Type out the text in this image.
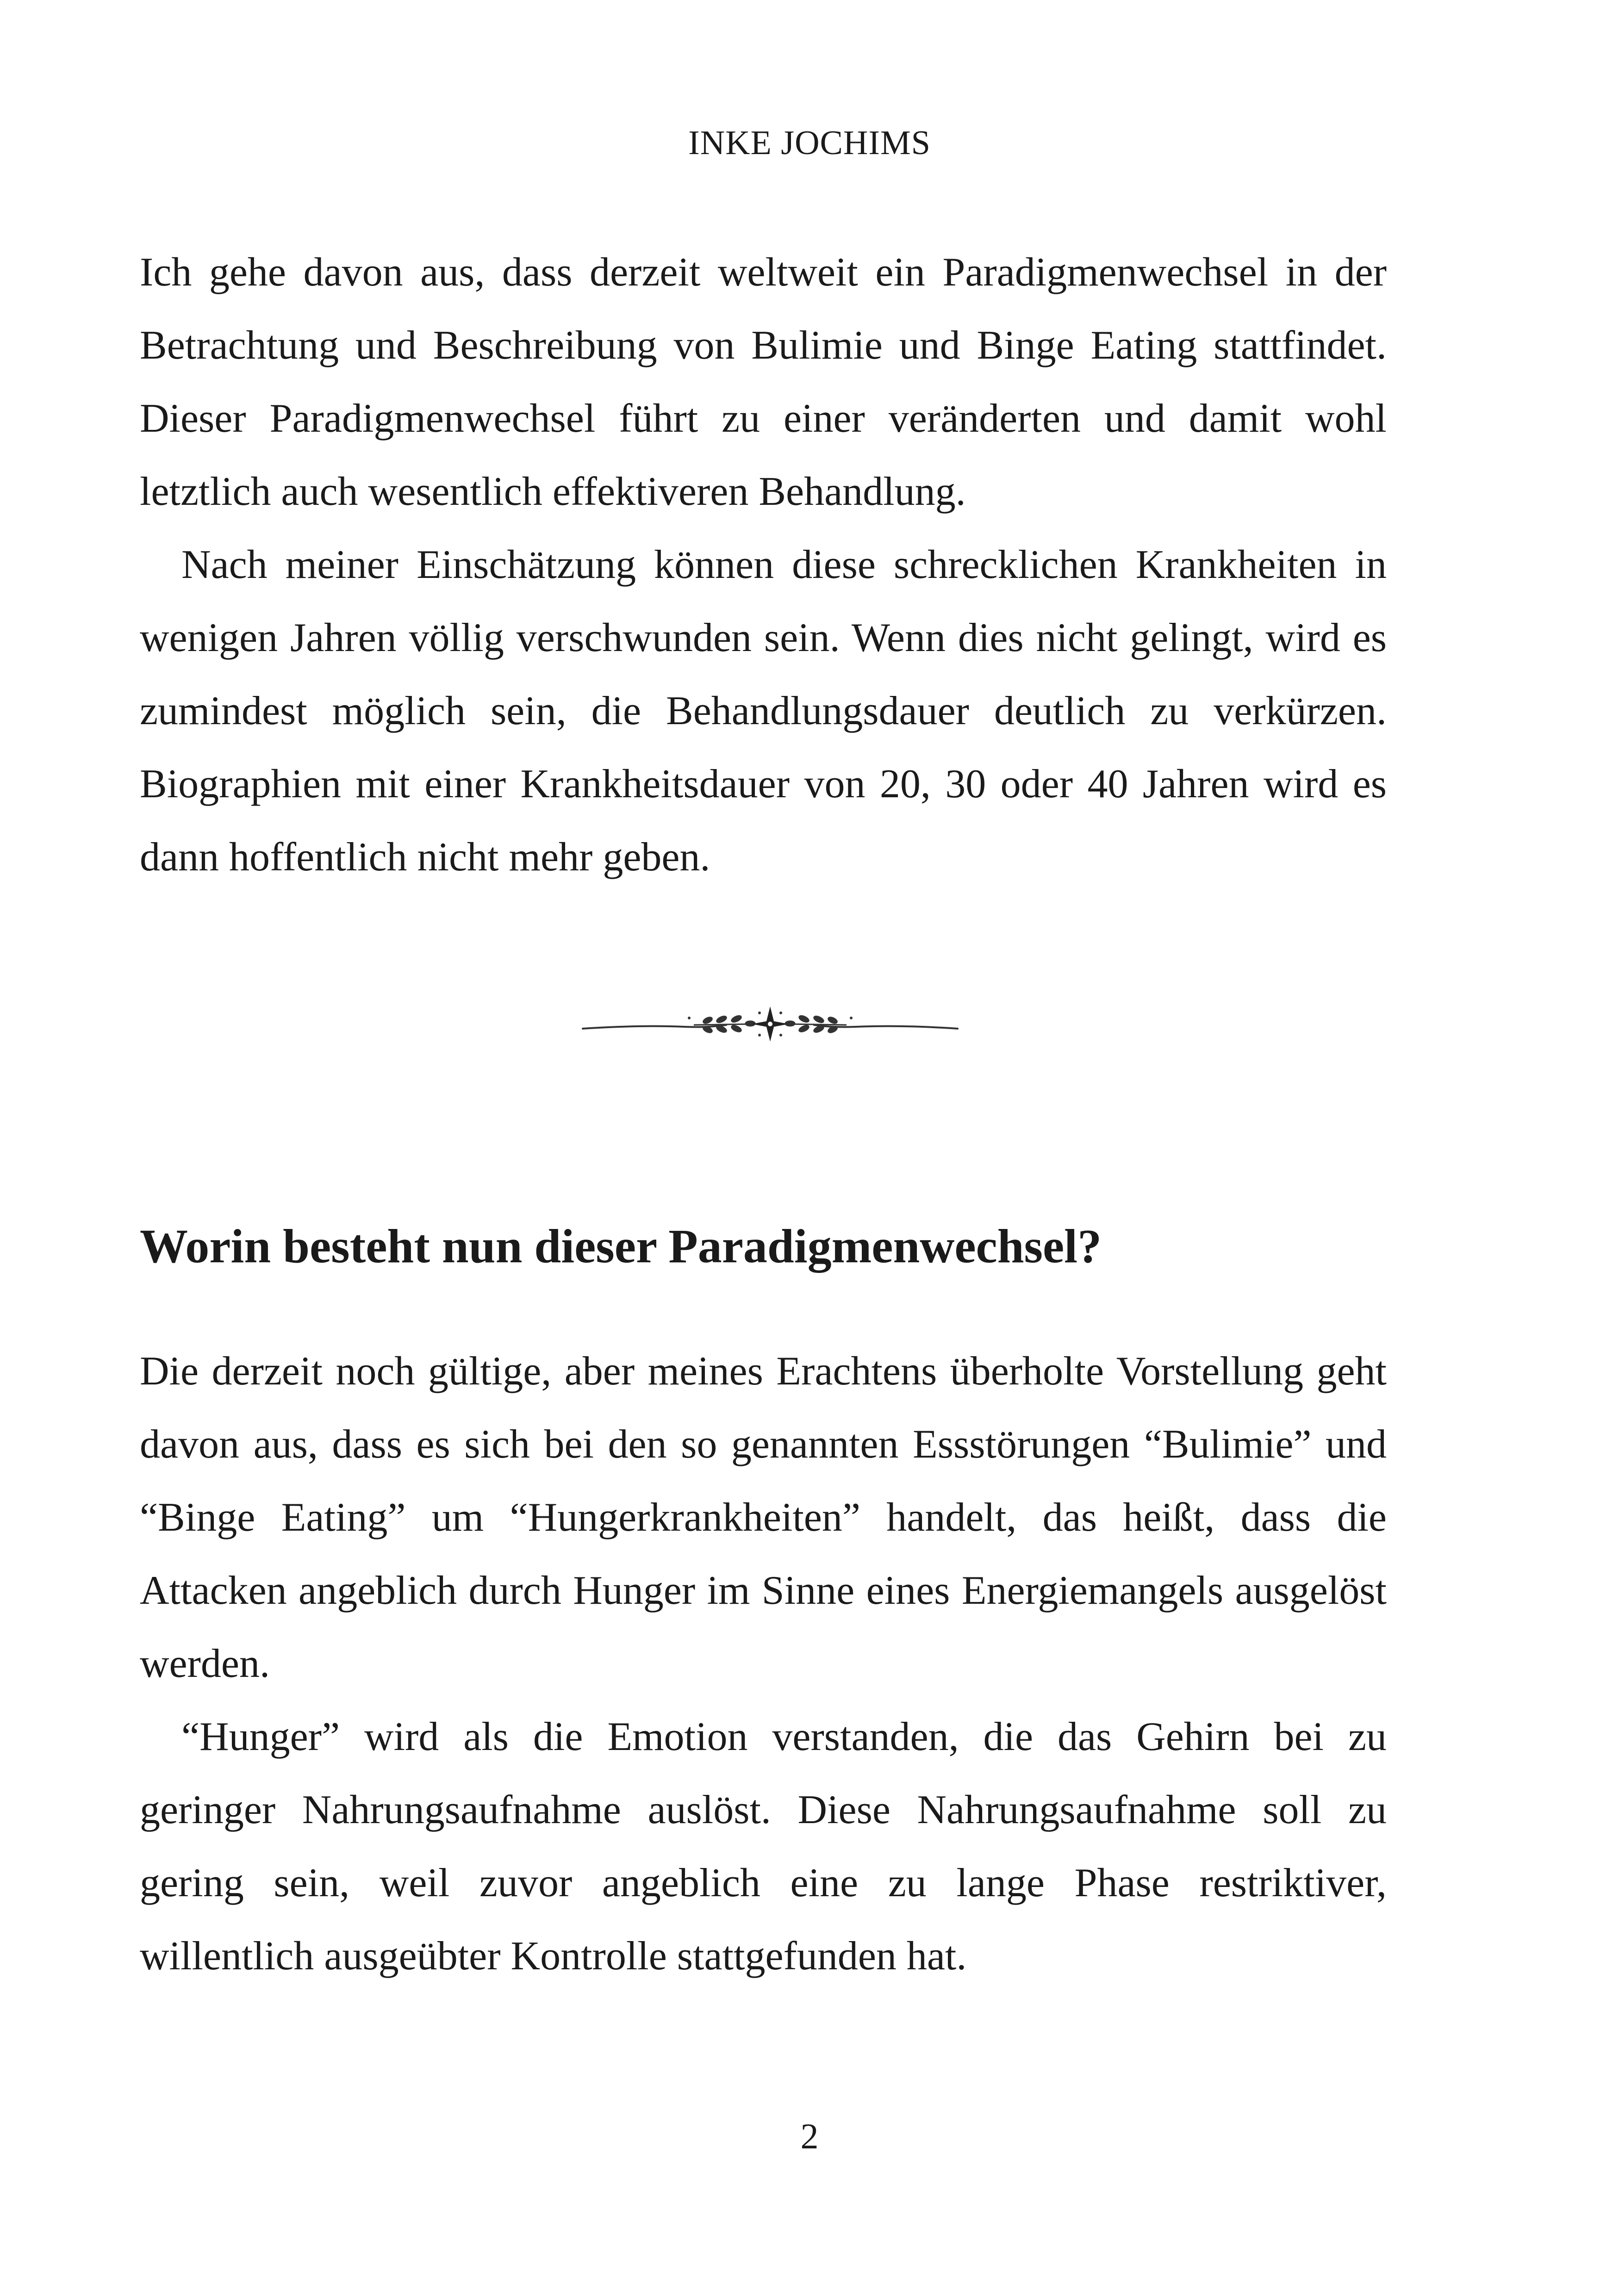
INKE JOCHIMS

Ich gehe davon aus, dass derzeit weltweit ein Paradigmenwechsel in der Betrachtung und Beschreibung von Bulimie und Binge Eating stattfindet. Dieser Paradigmenwechsel führt zu einer veränderten und damit wohl letztlich auch wesentlich effektiveren Behandlung.

Nach meiner Einschätzung können diese schrecklichen Krankheiten in wenigen Jahren völlig verschwunden sein. Wenn dies nicht gelingt, wird es zumindest möglich sein, die Behandlungsdauer deutlich zu verkürzen. Biographien mit einer Krankheitsdauer von 20, 30 oder 40 Jahren wird es dann hoffentlich nicht mehr geben.

Worin besteht nun dieser Paradigmenwechsel?

Die derzeit noch gültige, aber meines Erachtens überholte Vorstellung geht davon aus, dass es sich bei den so genannten Essstörungen “Bulimie” und “Binge Eating” um “Hungerkrankheiten” handelt, das heißt, dass die Attacken angeblich durch Hunger im Sinne eines Energiemangels ausgelöst werden.

“Hunger” wird als die Emotion verstanden, die das Gehirn bei zu geringer Nahrungsaufnahme auslöst. Diese Nahrungsaufnahme soll zu gering sein, weil zuvor angeblich eine zu lange Phase restriktiver, willentlich ausgeübter Kontrolle stattgefunden hat.

2
